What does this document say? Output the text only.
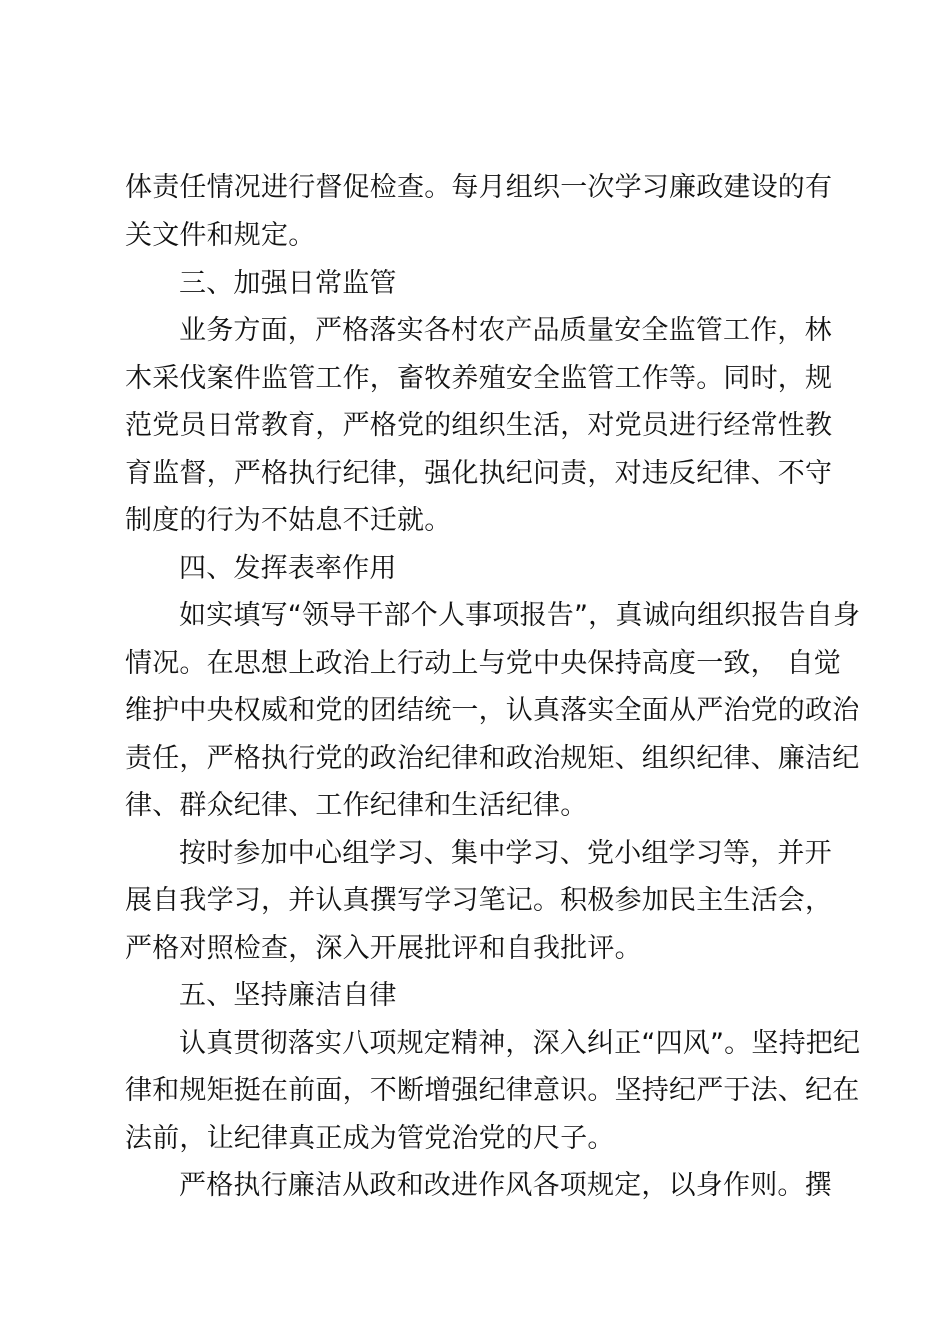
体责任情况进行督促检查。每月组织一次学习廉政建设的有
关文件和规定。
三、加强日常监管
业务方面，严格落实各村农产品质量安全监管工作，林
木采伐案件监管工作，畜牧养殖安全监管工作等。同时，规
范党员日常教育，严格党的组织生活，对党员进行经常性教
育监督，严格执行纪律，强化执纪问责，对违反纪律、不守
制度的行为不姑息不迁就。
四、发挥表率作用
如实填写“领导干部个人事项报告”，真诚向组织报告自身
情况。在思想上政治上行动上与党中央保持高度一致， 自觉
维护中央权威和党的团结统一，认真落实全面从严治党的政治
责任，严格执行党的政治纪律和政治规矩、组织纪律、廉洁纪
律、群众纪律、工作纪律和生活纪律。
按时参加中心组学习、集中学习、党小组学习等，并开
展自我学习，并认真撰写学习笔记。积极参加民主生活会，
严格对照检查，深入开展批评和自我批评。
五、坚持廉洁自律
认真贯彻落实八项规定精神，深入纠正“四风”。坚持把纪
律和规矩挺在前面，不断增强纪律意识。坚持纪严于法、纪在
法前，让纪律真正成为管党治党的尺子。
严格执行廉洁从政和改进作风各项规定，以身作则。撰
